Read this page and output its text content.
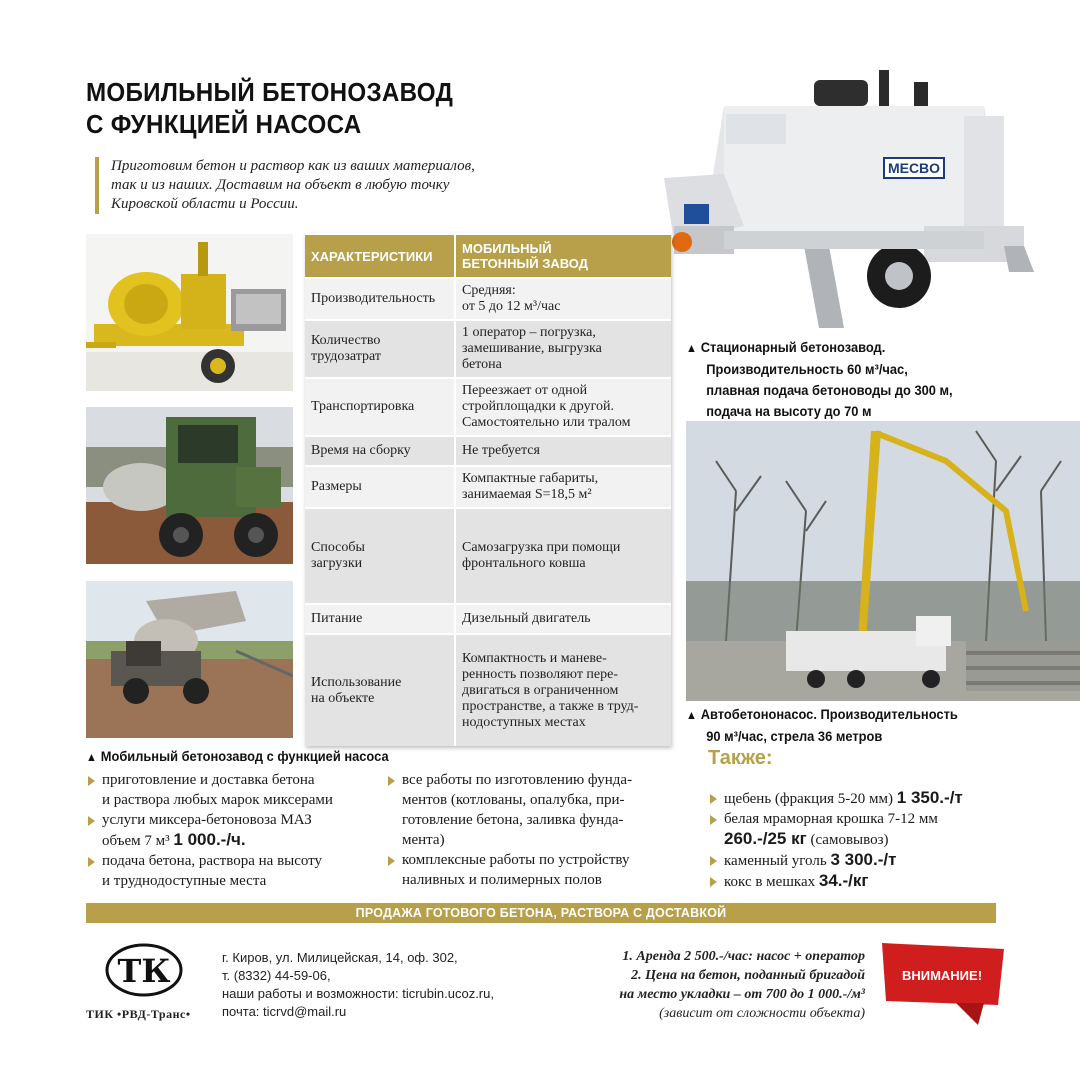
МОБИЛЬНЫЙ БЕТОНОЗАВОД
С ФУНКЦИЕЙ НАСОСА
Приготовим бетон и раствор как из ваших материалов,
так и из наших. Доставим на объект в любую точку
Кировской области и России.
MECBO
▲ Стационарный бетонозавод.
Производительность 60 м³/час,
плавная подача бетоноводы до 300 м,
подача на высоту до 70 м
▲ Автобетононасос. Производительность
90 м³/час, стрела 36 метров
ХАРАКТЕРИСТИКИ	МОБИЛЬНЫЙ
БЕТОННЫЙ ЗАВОД

Производительность	Средняя:
от 5 до 12 м³/час

Количество
трудозатрат	1 оператор – погрузка,
замешивание, выгрузка
бетона

Транспортировка	Переезжает от одной
стройплощадки к другой.
Самостоятельно или тралом

Время на сборку	Не требуется

Размеры	Компактные габариты,
занимаемая S=18,5 м²

Способы
загрузки	Самозагрузка при помощи
фронтального ковша

Питание	Дизельный двигатель

Использование
на объекте	Компактность и маневе-
ренность позволяют пере-
двигаться в ограниченном
пространстве, а также в труд-
нодоступных местах
▲ Мобильный бетонозавод с функцией насоса
приготовление и доставка бетона
и раствора любых марок миксерами
услуги миксера-бетоновоза МАЗ
объем 7 м³ 1 000.-/ч.
подача бетона, раствора на высоту
и труднодоступные места
все работы по изготовлению фунда-
ментов (котлованы, опалубка, при-
готовление бетона, заливка фунда-
мента)
комплексные работы по устройству
наливных и полимерных полов
Также:
щебень (фракция 5-20 мм) 1 350.-/т
белая мраморная крошка 7-12 мм
260.-/25 кг (самовывоз)
каменный уголь 3 300.-/т
кокс в мешках 34.-/кг
ПРОДАЖА ГОТОВОГО БЕТОНА, РАСТВОРА С ДОСТАВКОЙ
ТК
ТИК •РВД-Транс•
г. Киров, ул. Милицейская, 14, оф. 302,
т. (8332) 44-59-06,
наши работы и возможности: ticrubin.ucoz.ru,
почта: ticrvd@mail.ru
1. Аренда 2 500.-/час: насос + оператор
2. Цена на бетон, поданный бригадой
на место укладки – от 700 до 1 000.-/м³
(зависит от сложности объекта)
ВНИМАНИЕ!
